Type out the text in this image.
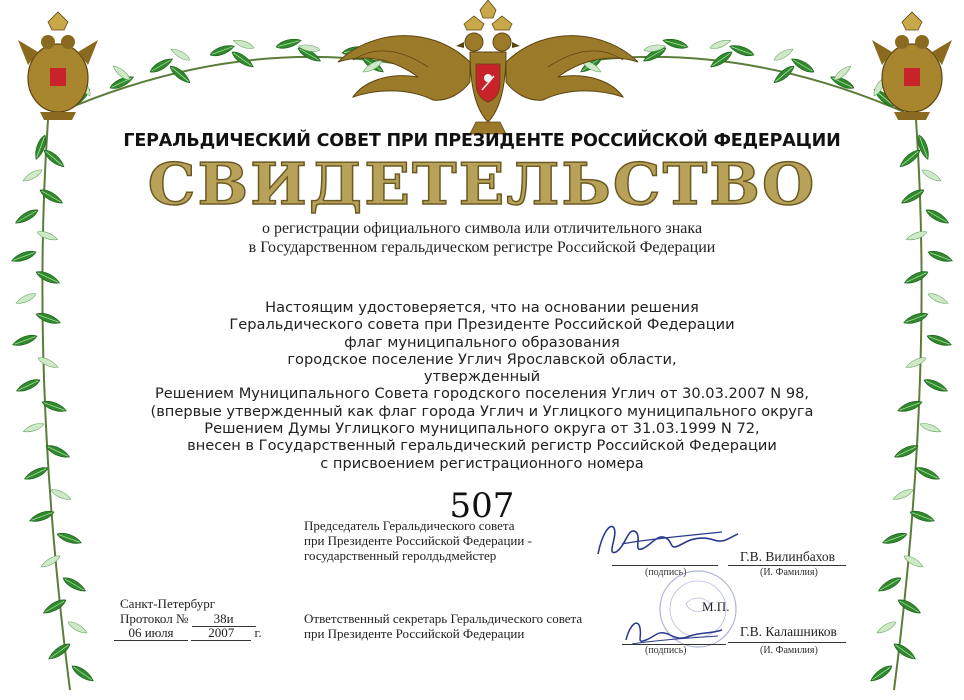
ГЕРАЛЬДИЧЕСКИЙ СОВЕТ ПРИ ПРЕЗИДЕНТЕ РОССИЙСКОЙ ФЕДЕРАЦИИ
СВИДЕТЕЛЬСТВО
о регистрации официального символа или отличительного знака
в Государственном геральдическом регистре Российской Федерации
Настоящим удостоверяется, что на основании решения
Геральдического совета при Президенте Российской Федерации
флаг муниципального образования
городское поселение Углич Ярославской области,
утвержденный
Решением Муниципального Совета городского поселения Углич от 30.03.2007 N 98,
(впервые утвержденный как флаг города Углич и Углицкого муниципального округа
Решением Думы Углицкого муниципального округа от 31.03.1999 N 72,
внесен в Государственный геральдический регистр Российской Федерации
с присвоением регистрационного номера
507
Председатель Геральдического совета
при Президенте Российской Федерации -
государственный геролдьдмейстер
(подпись)
Г.В. Вилинбахов
(И. Фамилия)
М.П.
Санкт-Петербург
Протокол № 38и
06 июля	2007 г.
Ответственный секретарь Геральдического совета
при Президенте Российской Федерации
(подпись)
Г.В. Калашников
(И. Фамилия)
